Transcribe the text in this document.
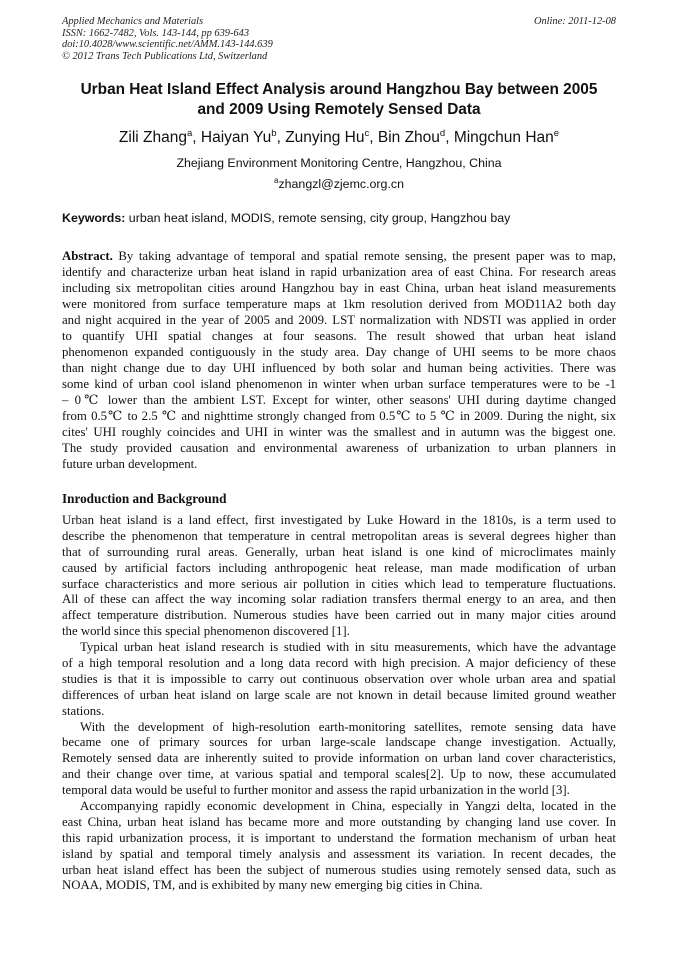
Applied Mechanics and Materials
ISSN: 1662-7482, Vols. 143-144, pp 639-643
doi:10.4028/www.scientific.net/AMM.143-144.639
© 2012 Trans Tech Publications Ltd, Switzerland
Online: 2011-12-08
Urban Heat Island Effect Analysis around Hangzhou Bay between 2005
and 2009 Using Remotely Sensed Data
Zili Zhang$^a$, Haiyan Yu$^b$, Zunying Hu$^c$, Bin Zhou$^d$, Mingchun Han$^e$
Zhejiang Environment Monitoring Centre, Hangzhou, China
$^a$zhangzl@zjemc.org.cn
Keywords: urban heat island, MODIS, remote sensing, city group, Hangzhou bay
Abstract. By taking advantage of temporal and spatial remote sensing, the present paper was to map,
identify and characterize urban heat island in rapid urbanization area of east China. For research areas
including six metropolitan cities around Hangzhou bay in east China, urban heat island measurements
were monitored from surface temperature maps at 1km resolution derived from MOD11A2 both day
and night acquired in the year of 2005 and 2009. LST normalization with NDSTI was applied in order
to quantify UHI spatial changes at four seasons. The result showed that urban heat island
phenomenon expanded contiguously in the study area. Day change of UHI seems to be more chaos
than night change due to day UHI influenced by both solar and human being activities. There was
some kind of urban cool island phenomenon in winter when urban surface temperatures were to be -1
– 0℃ lower than the ambient LST. Except for winter, other seasons' UHI during daytime changed
from 0.5℃ to 2.5 ℃ and nighttime strongly changed from 0.5℃ to 5 ℃ in 2009. During the night, six
cites' UHI roughly coincides and UHI in winter was the smallest and in autumn was the biggest one.
The study provided causation and environmental awareness of urbanization to urban planners in
future urban development.
Inroduction and Background
Urban heat island is a land effect, first investigated by Luke Howard in the 1810s, is a term used to
describe the phenomenon that temperature in central metropolitan areas is several degrees higher than
that of surrounding rural areas. Generally, urban heat island is one kind of microclimates mainly
caused by artificial factors including anthropogenic heat release, man made modification of urban
surface characteristics and more serious air pollution in cities which lead to temperature fluctuations.
All of these can affect the way incoming solar radiation transfers thermal energy to an area, and then
affect temperature distribution. Numerous studies have been carried out in many major cities around
the world since this special phenomenon discovered [1].
Typical urban heat island research is studied with in situ measurements, which have the advantage
of a high temporal resolution and a long data record with high precision. A major deficiency of these
studies is that it is impossible to carry out continuous observation over whole urban area and spatial
differences of urban heat island on large scale are not known in detail because limited ground weather
stations.
With the development of high-resolution earth-monitoring satellites, remote sensing data have
became one of primary sources for urban large-scale landscape change investigation. Actually,
Remotely sensed data are inherently suited to provide information on urban land cover characteristics,
and their change over time, at various spatial and temporal scales[2]. Up to now, these accumulated
temporal data would be useful to further monitor and assess the rapid urbanization in the world [3].
Accompanying rapidly economic development in China, especially in Yangzi delta, located in the
east China, urban heat island has became more and more outstanding by changing land use cover. In
this rapid urbanization process, it is important to understand the formation mechanism of urban heat
island by spatial and temporal timely analysis and assessment its variation. In recent decades, the
urban heat island effect has been the subject of numerous studies using remotely sensed data, such as
NOAA, MODIS, TM, and is exhibited by many new emerging big cities in China.
